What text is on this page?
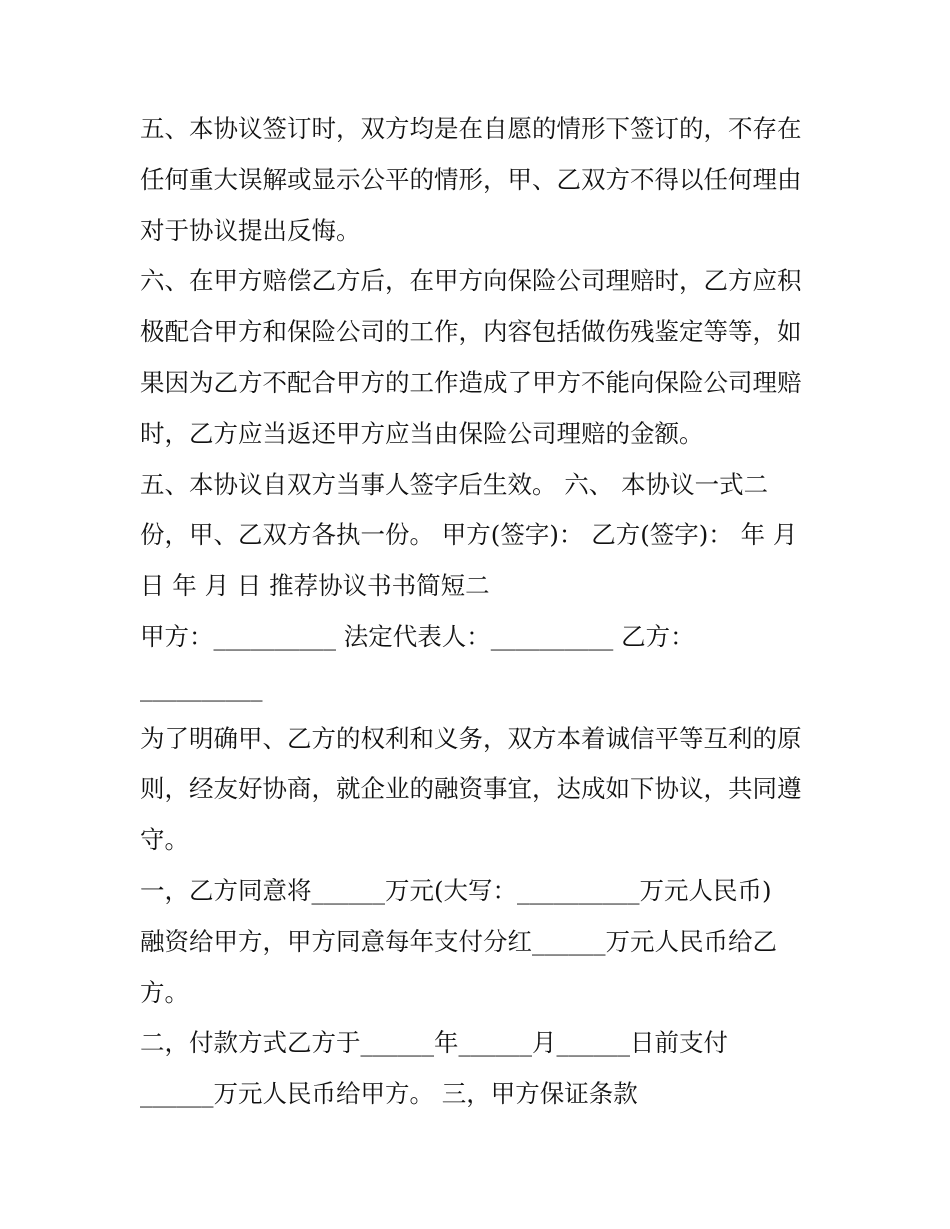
五、本协议签订时，双方均是在自愿的情形下签订的，不存在
任何重大误解或显示公平的情形，甲、乙双方不得以任何理由
对于协议提出反悔。
六、在甲方赔偿乙方后，在甲方向保险公司理赔时，乙方应积
极配合甲方和保险公司的工作，内容包括做伤残鉴定等等，如
果因为乙方不配合甲方的工作造成了甲方不能向保险公司理赔
时，乙方应当返还甲方应当由保险公司理赔的金额。
五、本协议自双方当事人签字后生效。 六、 本协议一式二
份，甲、乙双方各执一份。 甲方(签字)： 乙方(签字)： 年 月
日 年 月 日 推荐协议书书简短二
甲方：__________ 法定代表人：__________ 乙方：
__________
为了明确甲、乙方的权利和义务，双方本着诚信平等互利的原
则，经友好协商，就企业的融资事宜，达成如下协议，共同遵
守。
一，乙方同意将______万元(大写：__________万元人民币)
融资给甲方，甲方同意每年支付分红______万元人民币给乙
方。
二，付款方式乙方于______年______月______日前支付
______万元人民币给甲方。 三，甲方保证条款
